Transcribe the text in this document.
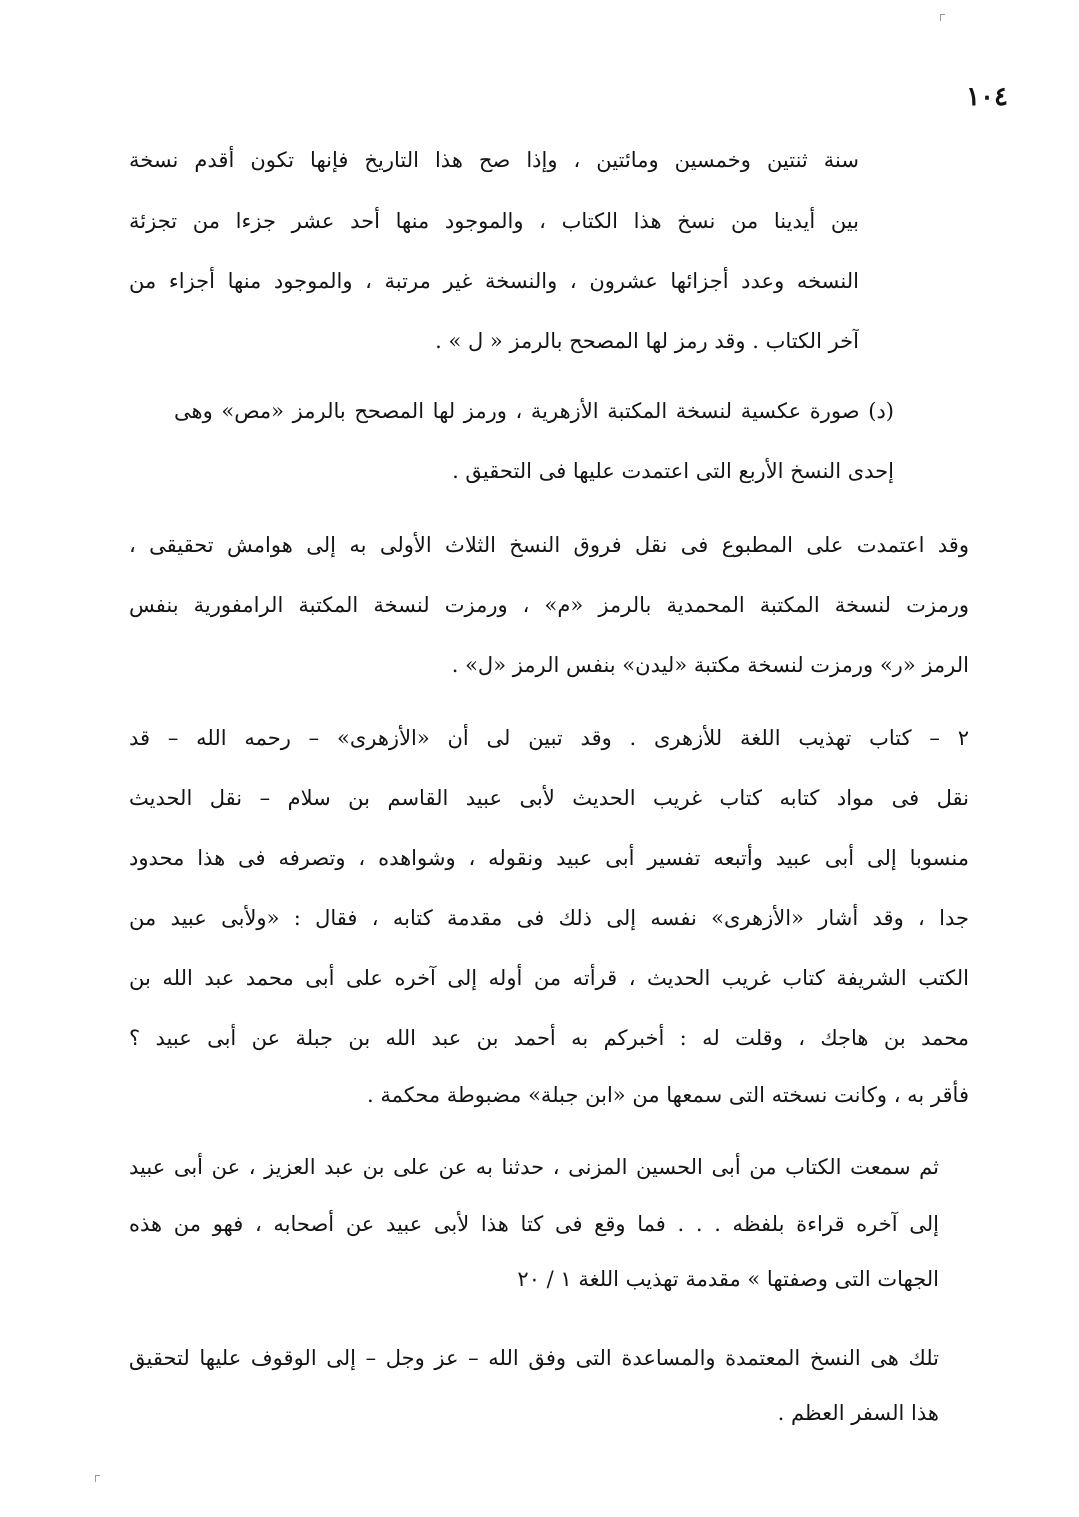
١٠٤
سنة ثنتين وخمسين ومائتين ، وإذا صح هذا التاريخ فإنها تكون أقدم نسخة
بين أيدينا من نسخ هذا الكتاب ، والموجود منها أحد عشر جزءا من تجزئة
النسخه وعدد أجزائها عشرون ، والنسخة غير مرتبة ، والموجود منها أجزاء من
آخر الكتاب . وقد رمز لها المصحح بالرمز « ل » .
(د) صورة عكسية لنسخة المكتبة الأزهرية ، ورمز لها المصحح بالرمز «مص» وهى
إحدى النسخ الأربع التى اعتمدت عليها فى التحقيق .
وقد اعتمدت على المطبوع فى نقل فروق النسخ الثلاث الأولى به إلى هوامش تحقيقى ،
ورمزت لنسخة المكتبة المحمدية بالرمز «م» ، ورمزت لنسخة المكتبة الرامفورية بنفس
الرمز «ر» ورمزت لنسخة مكتبة «ليدن» بنفس الرمز «ل» .
٢ – كتاب تهذيب اللغة للأزهرى . وقد تبين لى أن «الأزهرى» – رحمه الله – قد
نقل فى مواد كتابه كتاب غريب الحديث لأبى عبيد القاسم بن سلام – نقل الحديث
منسوبا إلى أبى عبيد وأتبعه تفسير أبى عبيد ونقوله ، وشواهده ، وتصرفه فى هذا محدود
جدا ، وقد أشار «الأزهرى» نفسه إلى ذلك فى مقدمة كتابه ، فقال : «ولأبى عبيد من
الكتب الشريفة كتاب غريب الحديث ، قرأته من أوله إلى آخره على أبى محمد عبد الله بن
محمد بن هاجك ، وقلت له : أخبركم به أحمد بن عبد الله بن جبلة عن أبى عبيد ؟
فأقر به ، وكانت نسخته التى سمعها من «ابن جبلة» مضبوطة محكمة .
ثم سمعت الكتاب من أبى الحسين المزنى ، حدثنا به عن على بن عبد العزيز ، عن أبى عبيد
إلى آخره قراءة بلفظه . . . فما وقع فى كتا هذا لأبى عبيد عن أصحابه ، فهو من هذه
الجهات التى وصفتها » مقدمة تهذيب اللغة ١ / ٢٠
تلك هى النسخ المعتمدة والمساعدة التى وفق الله – عز وجل – إلى الوقوف عليها لتحقيق
هذا السفر العظم .
